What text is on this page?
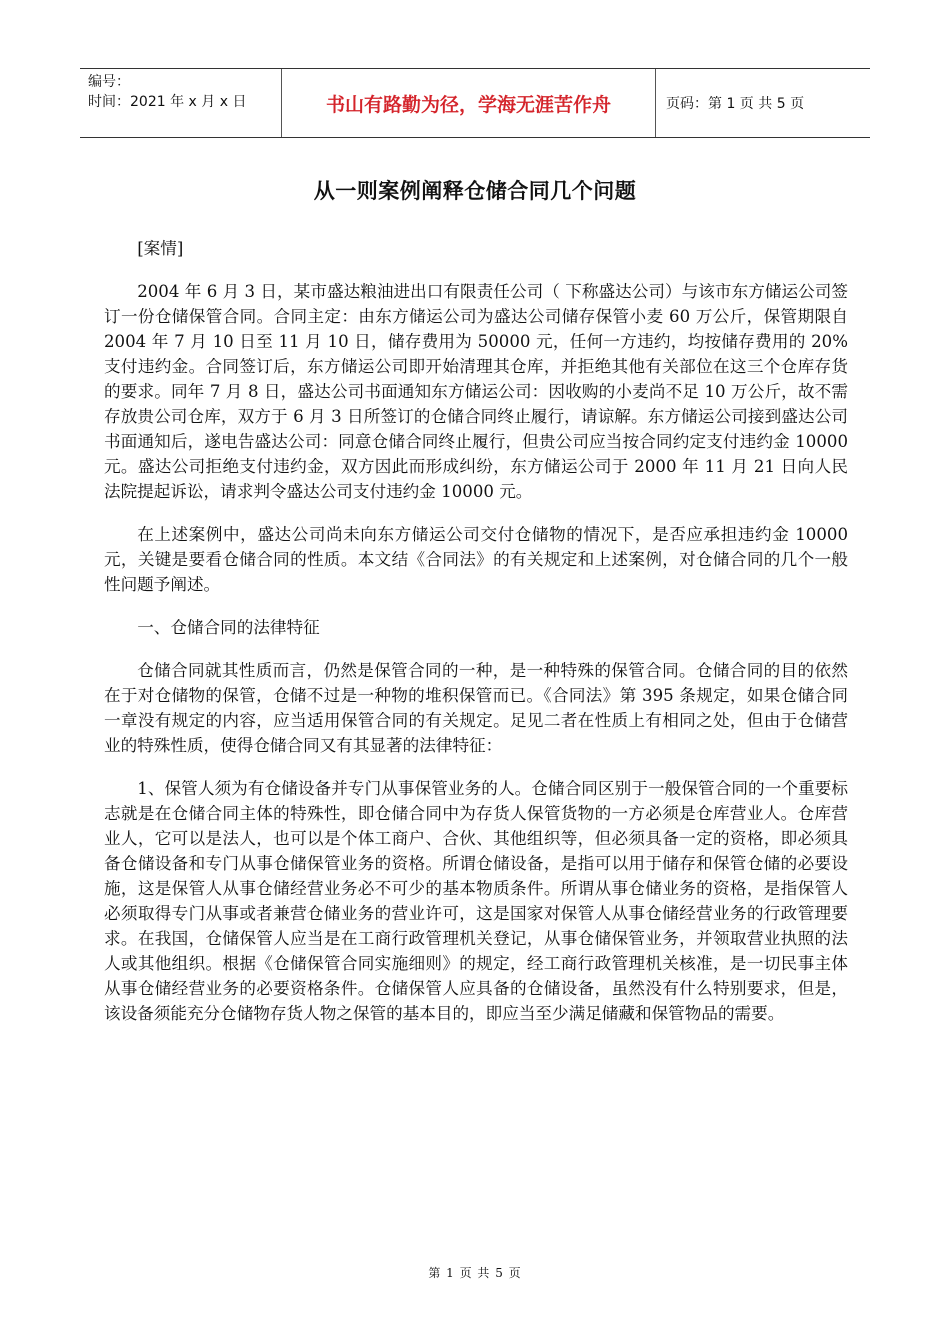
编号：
时间：2021 年 x 月 x 日	书山有路勤为径，学海无涯苦作舟	页码：第 1 页 共 5 页
从一则案例阐释仓储合同几个问题

[案情]

2004 年 6 月 3 日，某市盛达粮油进出口有限责任公司（ 下称盛达公司）与该市东方储运公司签订一份仓储保管合同。合同主定：由东方储运公司为盛达公司储存保管小麦 60 万公斤，保管期限自 2004 年 7 月 10 日至 11 月 10 日，储存费用为 50000 元，任何一方违约，均按储存费用的 20%支付违约金。合同签订后，东方储运公司即开始清理其仓库，并拒绝其他有关部位在这三个仓库存货的要求。同年 7 月 8 日，盛达公司书面通知东方储运公司：因收购的小麦尚不足 10 万公斤，故不需存放贵公司仓库，双方于 6 月 3 日所签订的仓储合同终止履行，请谅解。东方储运公司接到盛达公司书面通知后，遂电告盛达公司：同意仓储合同终止履行，但贵公司应当按合同约定支付违约金 10000 元。盛达公司拒绝支付违约金，双方因此而形成纠纷，东方储运公司于 2000 年 11 月 21 日向人民法院提起诉讼，请求判令盛达公司支付违约金 10000 元。

在上述案例中，盛达公司尚未向东方储运公司交付仓储物的情况下，是否应承担违约金 10000 元，关键是要看仓储合同的性质。本文结《合同法》的有关规定和上述案例，对仓储合同的几个一般性问题予阐述。

一、仓储合同的法律特征

仓储合同就其性质而言，仍然是保管合同的一种，是一种特殊的保管合同。仓储合同的目的依然在于对仓储物的保管，仓储不过是一种物的堆积保管而已。《合同法》第 395 条规定，如果仓储合同一章没有规定的内容，应当适用保管合同的有关规定。足见二者在性质上有相同之处，但由于仓储营业的特殊性质，使得仓储合同又有其显著的法律特征：

1、保管人须为有仓储设备并专门从事保管业务的人。仓储合同区别于一般保管合同的一个重要标志就是在仓储合同主体的特殊性，即仓储合同中为存货人保管货物的一方必须是仓库营业人。仓库营业人，它可以是法人，也可以是个体工商户、合伙、其他组织等，但必须具备一定的资格，即必须具备仓储设备和专门从事仓储保管业务的资格。所谓仓储设备，是指可以用于储存和保管仓储的必要设施，这是保管人从事仓储经营业务必不可少的基本物质条件。所谓从事仓储业务的资格，是指保管人必须取得专门从事或者兼营仓储业务的营业许可，这是国家对保管人从事仓储经营业务的行政管理要求。在我国，仓储保管人应当是在工商行政管理机关登记，从事仓储保管业务，并领取营业执照的法人或其他组织。根据《仓储保管合同实施细则》的规定，经工商行政管理机关核准，是一切民事主体从事仓储经营业务的必要资格条件。仓储保管人应具备的仓储设备，虽然没有什么特别要求，但是，该设备须能充分仓储物存货人物之保管的基本目的，即应当至少满足储藏和保管物品的需要。

第 1 页 共 5 页
